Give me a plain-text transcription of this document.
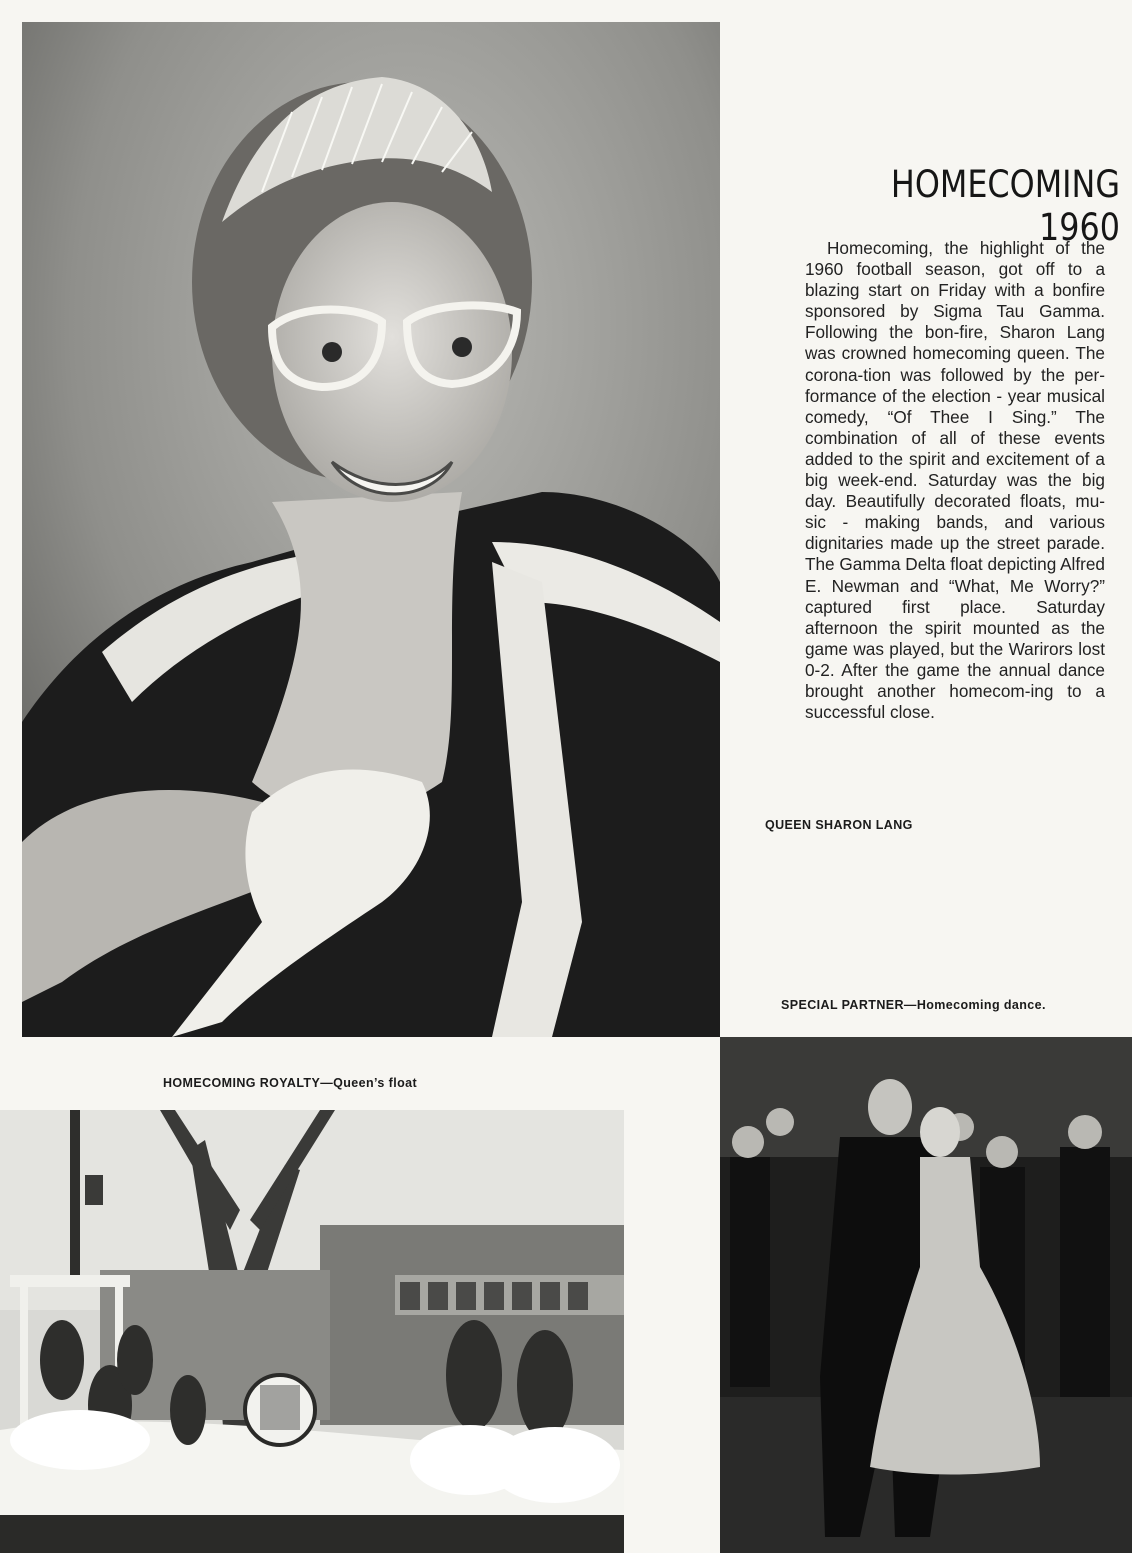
HOMECOMING 1960

Homecoming, the highlight of the 1960 football season, got off to a blazing start on Friday with a bonfire sponsored by Sigma Tau Gamma. Following the bon-fire, Sharon Lang was crowned homecoming queen. The corona-tion was followed by the per-formance of the election - year musical comedy, “Of Thee I Sing.” The combination of all of these events added to the spirit and excitement of a big week-end. Saturday was the big day. Beautifully decorated floats, mu-sic - making bands, and various dignitaries made up the street parade. The Gamma Delta float depicting Alfred E. Newman and “What, Me Worry?” captured first place. Saturday afternoon the spirit mounted as the game was played, but the Warirors lost 0-2. After the game the annual dance brought another homecom-ing to a successful close.

QUEEN SHARON LANG
SPECIAL PARTNER—Homecoming dance.
HOMECOMING ROYALTY—Queen’s float
